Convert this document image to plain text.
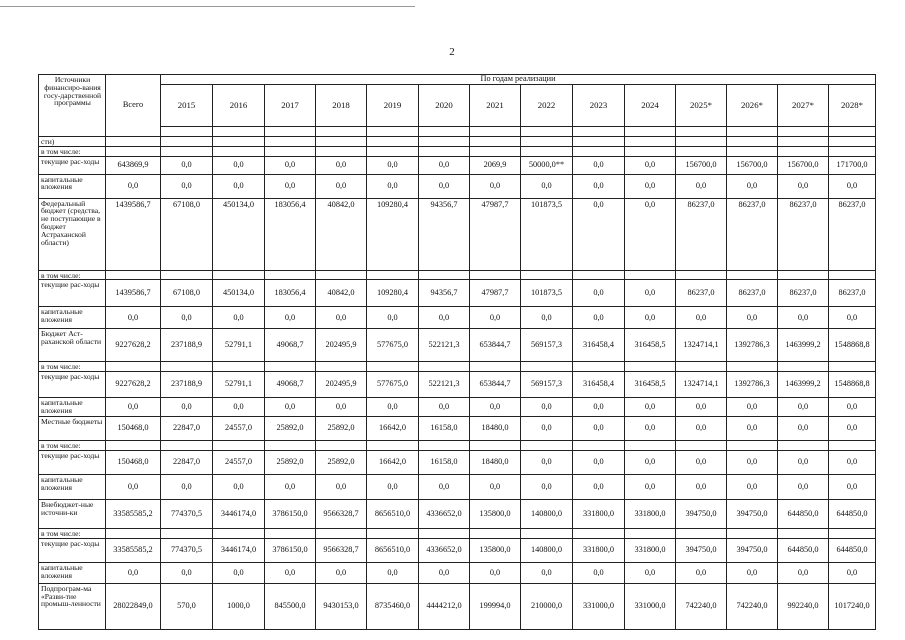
2
Источники финансиро-вания госу-дарственной программы	Всего	По годам реализации													
		2015	2016	2017	2018	2019	2020	2021	2022	2023	2024	2025*	2026*	2027*	2028*

сти)															
в том числе:															
текущие рас-ходы	643869,9	0,0	0,0	0,0	0,0	0,0	0,0	2069,9	50000,0**	0,0	0,0	156700,0	156700,0	156700,0	171700,0
капитальные вложения	0,0	0,0	0,0	0,0	0,0	0,0	0,0	0,0	0,0	0,0	0,0	0,0	0,0	0,0	0,0
Федеральный бюджет (средства, не поступающие в бюджет Астраханской области)	1439586,7	67108,0	450134,0	183056,4	40842,0	109280,4	94356,7	47987,7	101873,5	0,0	0,0	86237,0	86237,0	86237,0	86237,0
в том числе:															
текущие рас-ходы	1439586,7	67108,0	450134,0	183056,4	40842,0	109280,4	94356,7	47987,7	101873,5	0,0	0,0	86237,0	86237,0	86237,0	86237,0
капитальные вложения	0,0	0,0	0,0	0,0	0,0	0,0	0,0	0,0	0,0	0,0	0,0	0,0	0,0	0,0	0,0
Бюджет Аст-раханской области	9227628,2	237188,9	52791,1	49068,7	202495,9	577675,0	522121,3	653844,7	569157,3	316458,4	316458,5	1324714,1	1392786,3	1463999,2	1548868,8
в том числе:															
текущие рас-ходы	9227628,2	237188,9	52791,1	49068,7	202495,9	577675,0	522121,3	653844,7	569157,3	316458,4	316458,5	1324714,1	1392786,3	1463999,2	1548868,8
капитальные вложения	0,0	0,0	0,0	0,0	0,0	0,0	0,0	0,0	0,0	0,0	0,0	0,0	0,0	0,0	0,0
Местные бюджеты	150468,0	22847,0	24557,0	25892,0	25892,0	16642,0	16158,0	18480,0	0,0	0,0	0,0	0,0	0,0	0,0	0,0
в том числе:															
текущие рас-ходы	150468,0	22847,0	24557,0	25892,0	25892,0	16642,0	16158,0	18480,0	0,0	0,0	0,0	0,0	0,0	0,0	0,0
капитальные вложения	0,0	0,0	0,0	0,0	0,0	0,0	0,0	0,0	0,0	0,0	0,0	0,0	0,0	0,0	0,0
Внебюджет-ные источни-ки	33585585,2	774370,5	3446174,0	3786150,0	9566328,7	8656510,0	4336652,0	135800,0	140800,0	331800,0	331800,0	394750,0	394750,0	644850,0	644850,0
в том числе:															
текущие рас-ходы	33585585,2	774370,5	3446174,0	3786150,0	9566328,7	8656510,0	4336652,0	135800,0	140800,0	331800,0	331800,0	394750,0	394750,0	644850,0	644850,0
капитальные вложения	0,0	0,0	0,0	0,0	0,0	0,0	0,0	0,0	0,0	0,0	0,0	0,0	0,0	0,0	0,0
Подпрограм-ма «Разви-тие промыш-ленности	28022849,0	570,0	1000,0	845500,0	9430153,0	8735460,0	4444212,0	199994,0	210000,0	331000,0	331000,0	742240,0	742240,0	992240,0	1017240,0
